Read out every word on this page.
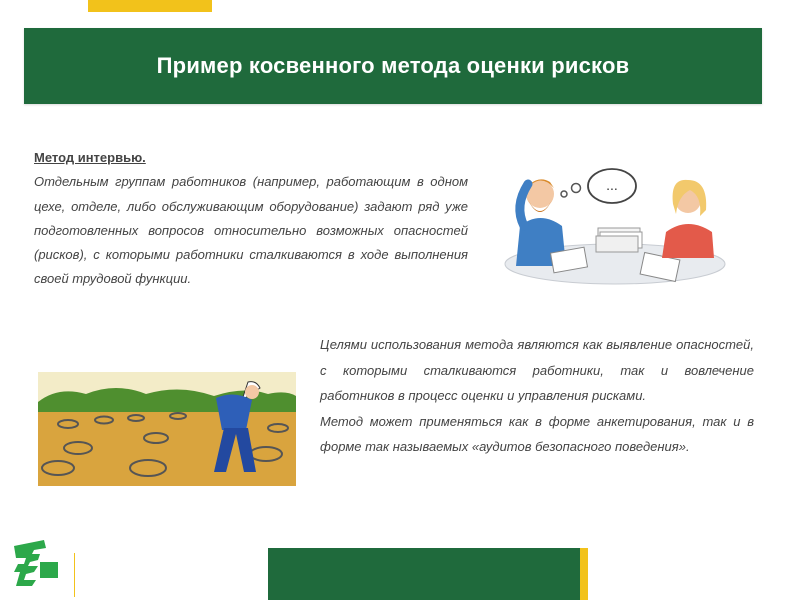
Пример косвенного метода оценки рисков
Метод интервью.
Отдельным группам работников (например, работающим в одном цехе, отделе, либо обслуживающим оборудование) задают ряд уже подготовленных вопросов относительно возможных опасностей (рисков), с которыми работники сталкиваются в ходе выполнения своей трудовой функции.
...

Целями использования метода являются как выявление опасностей, с которыми сталкиваются работники, так и вовлечение работников в процесс оценки и управления рисками.

Метод может применяться как в форме анкетирования, так и в форме так называемых «аудитов безопасного поведения».
